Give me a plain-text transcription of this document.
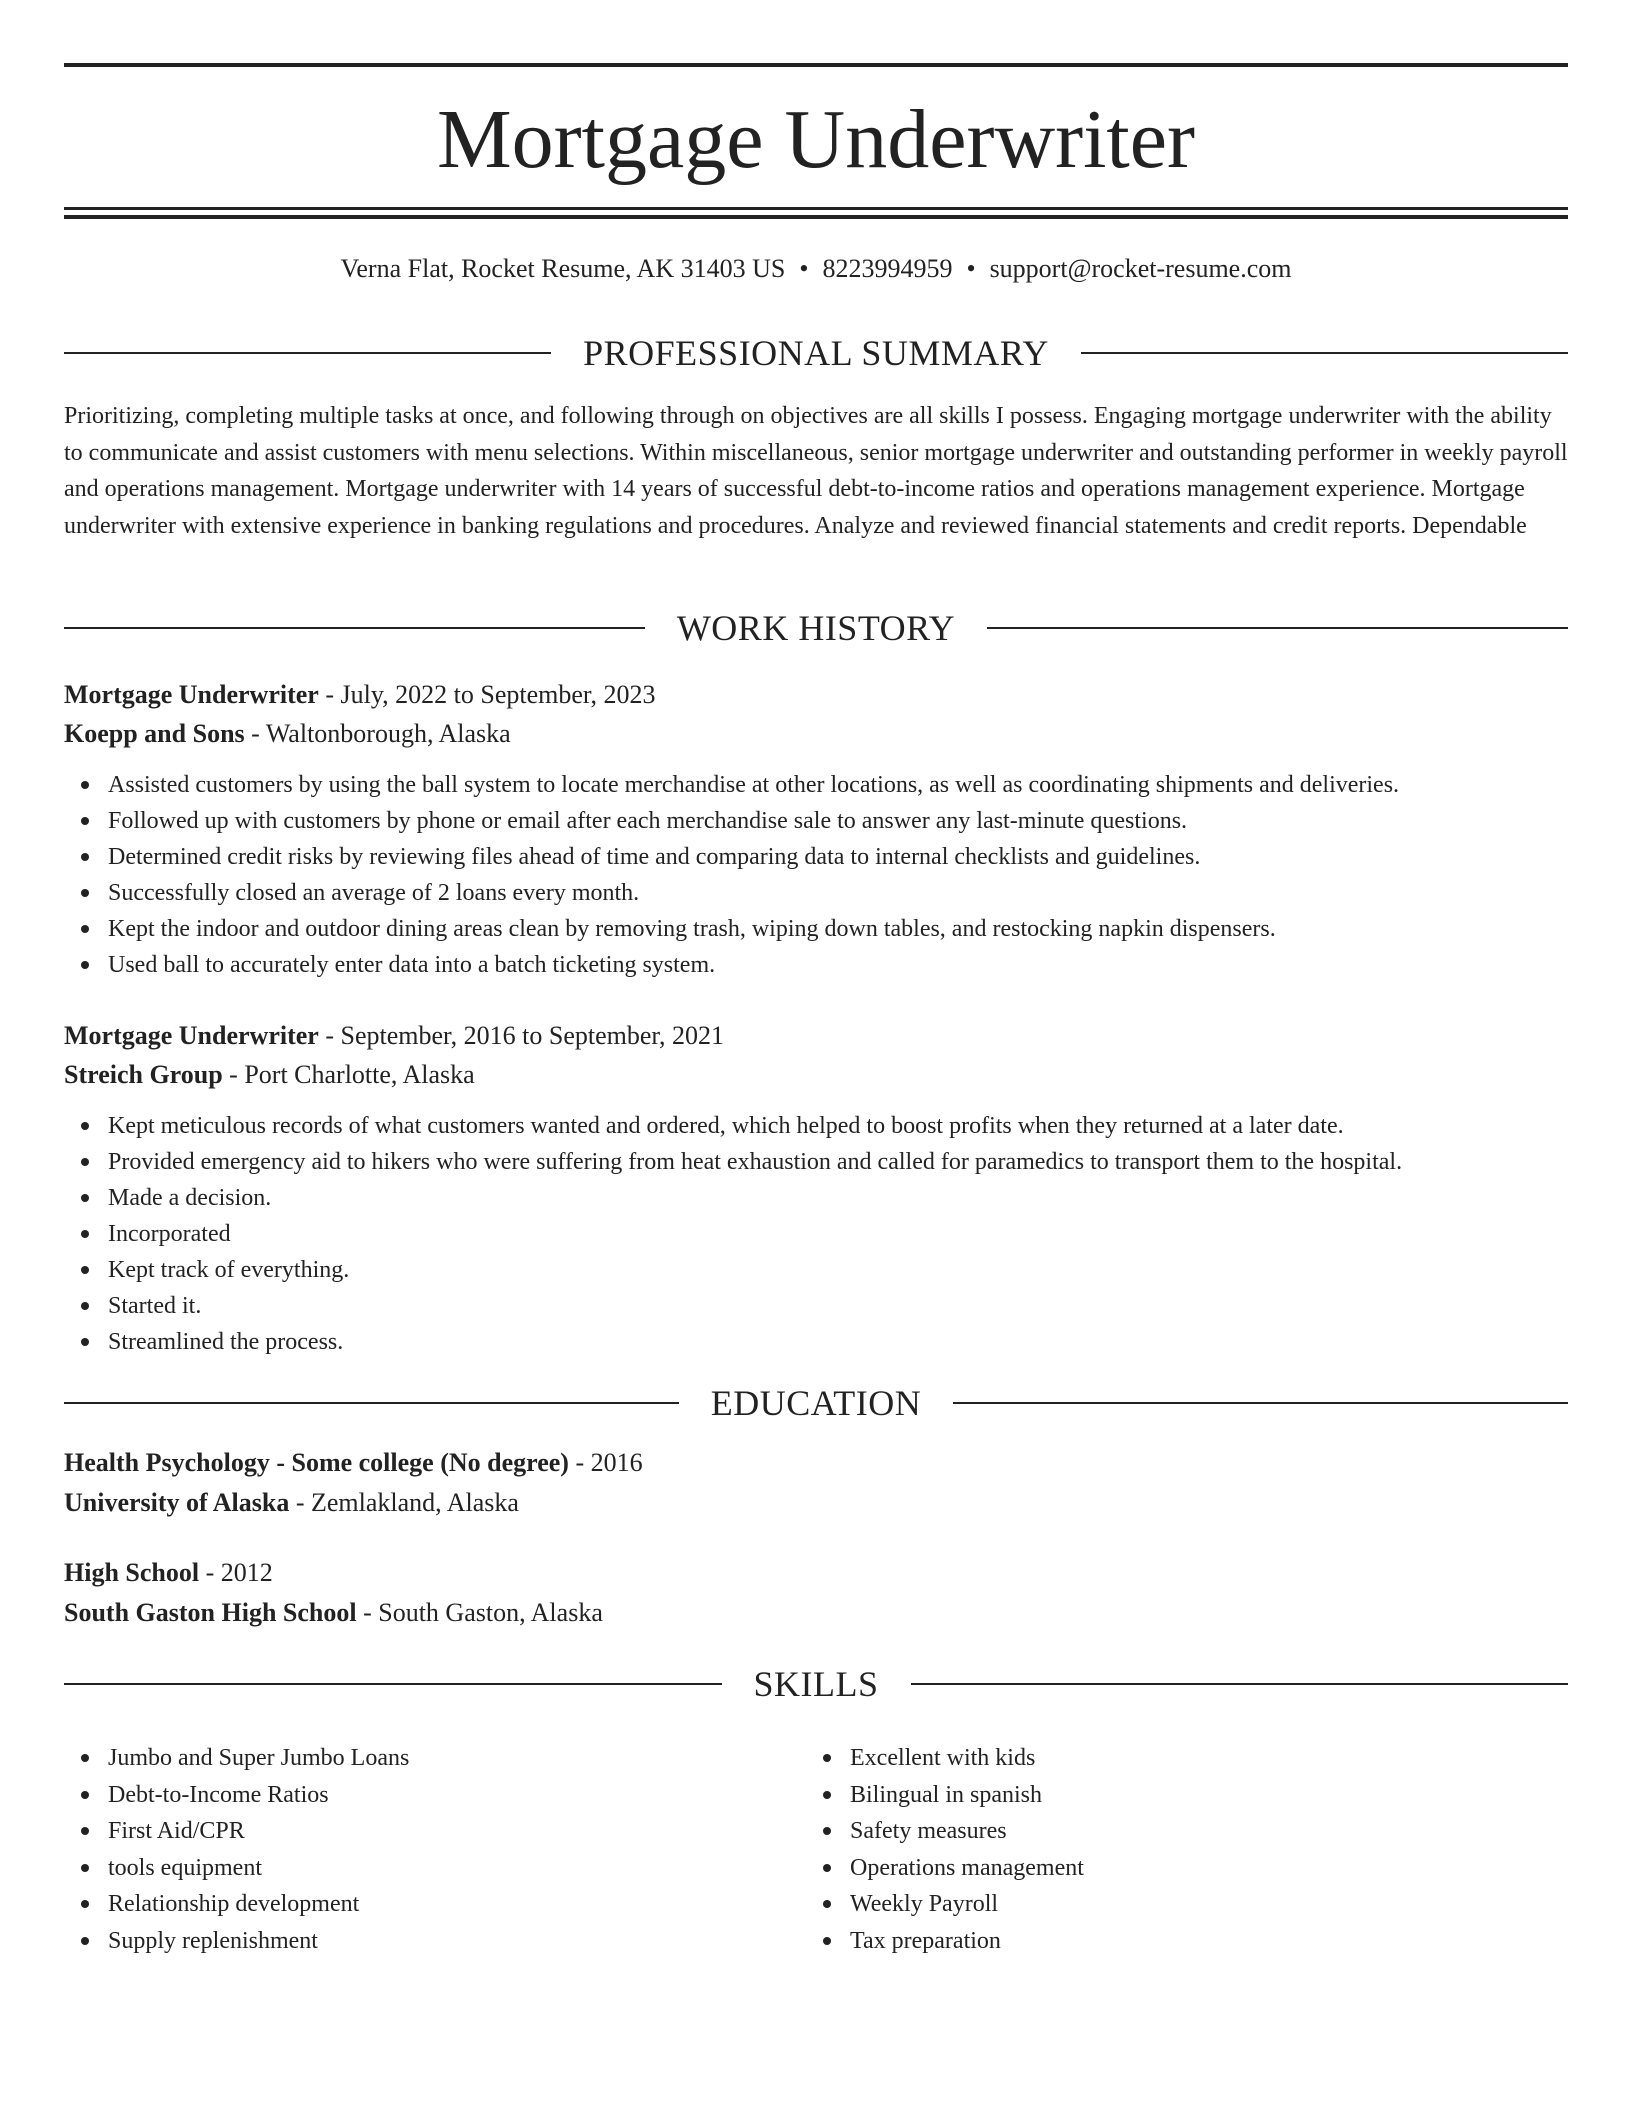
Mortgage Underwriter
Verna Flat, Rocket Resume, AK 31403 US • 8223994959 • support@rocket-resume.com
PROFESSIONAL SUMMARY

Prioritizing, completing multiple tasks at once, and following through on objectives are all skills I possess. Engaging mortgage underwriter with the ability to communicate and assist customers with menu selections. Within miscellaneous, senior mortgage underwriter and outstanding performer in weekly payroll and operations management. Mortgage underwriter with 14 years of successful debt-to-income ratios and operations management experience. Mortgage underwriter with extensive experience in banking regulations and procedures. Analyze and reviewed financial statements and credit reports. Dependable

WORK HISTORY
Mortgage Underwriter - July, 2022 to September, 2023
Koepp and Sons - Waltonborough, Alaska
Assisted customers by using the ball system to locate merchandise at other locations, as well as coordinating shipments and deliveries.
Followed up with customers by phone or email after each merchandise sale to answer any last-minute questions.
Determined credit risks by reviewing files ahead of time and comparing data to internal checklists and guidelines.
Successfully closed an average of 2 loans every month.
Kept the indoor and outdoor dining areas clean by removing trash, wiping down tables, and restocking napkin dispensers.
Used ball to accurately enter data into a batch ticketing system.
Mortgage Underwriter - September, 2016 to September, 2021
Streich Group - Port Charlotte, Alaska
Kept meticulous records of what customers wanted and ordered, which helped to boost profits when they returned at a later date.
Provided emergency aid to hikers who were suffering from heat exhaustion and called for paramedics to transport them to the hospital.
Made a decision.
Incorporated
Kept track of everything.
Started it.
Streamlined the process.
EDUCATION
Health Psychology - Some college (No degree) - 2016
University of Alaska - Zemlakland, Alaska
High School - 2012
South Gaston High School - South Gaston, Alaska
SKILLS
Jumbo and Super Jumbo Loans
Debt-to-Income Ratios
First Aid/CPR
tools equipment
Relationship development
Supply replenishment
Excellent with kids
Bilingual in spanish
Safety measures
Operations management
Weekly Payroll
Tax preparation
